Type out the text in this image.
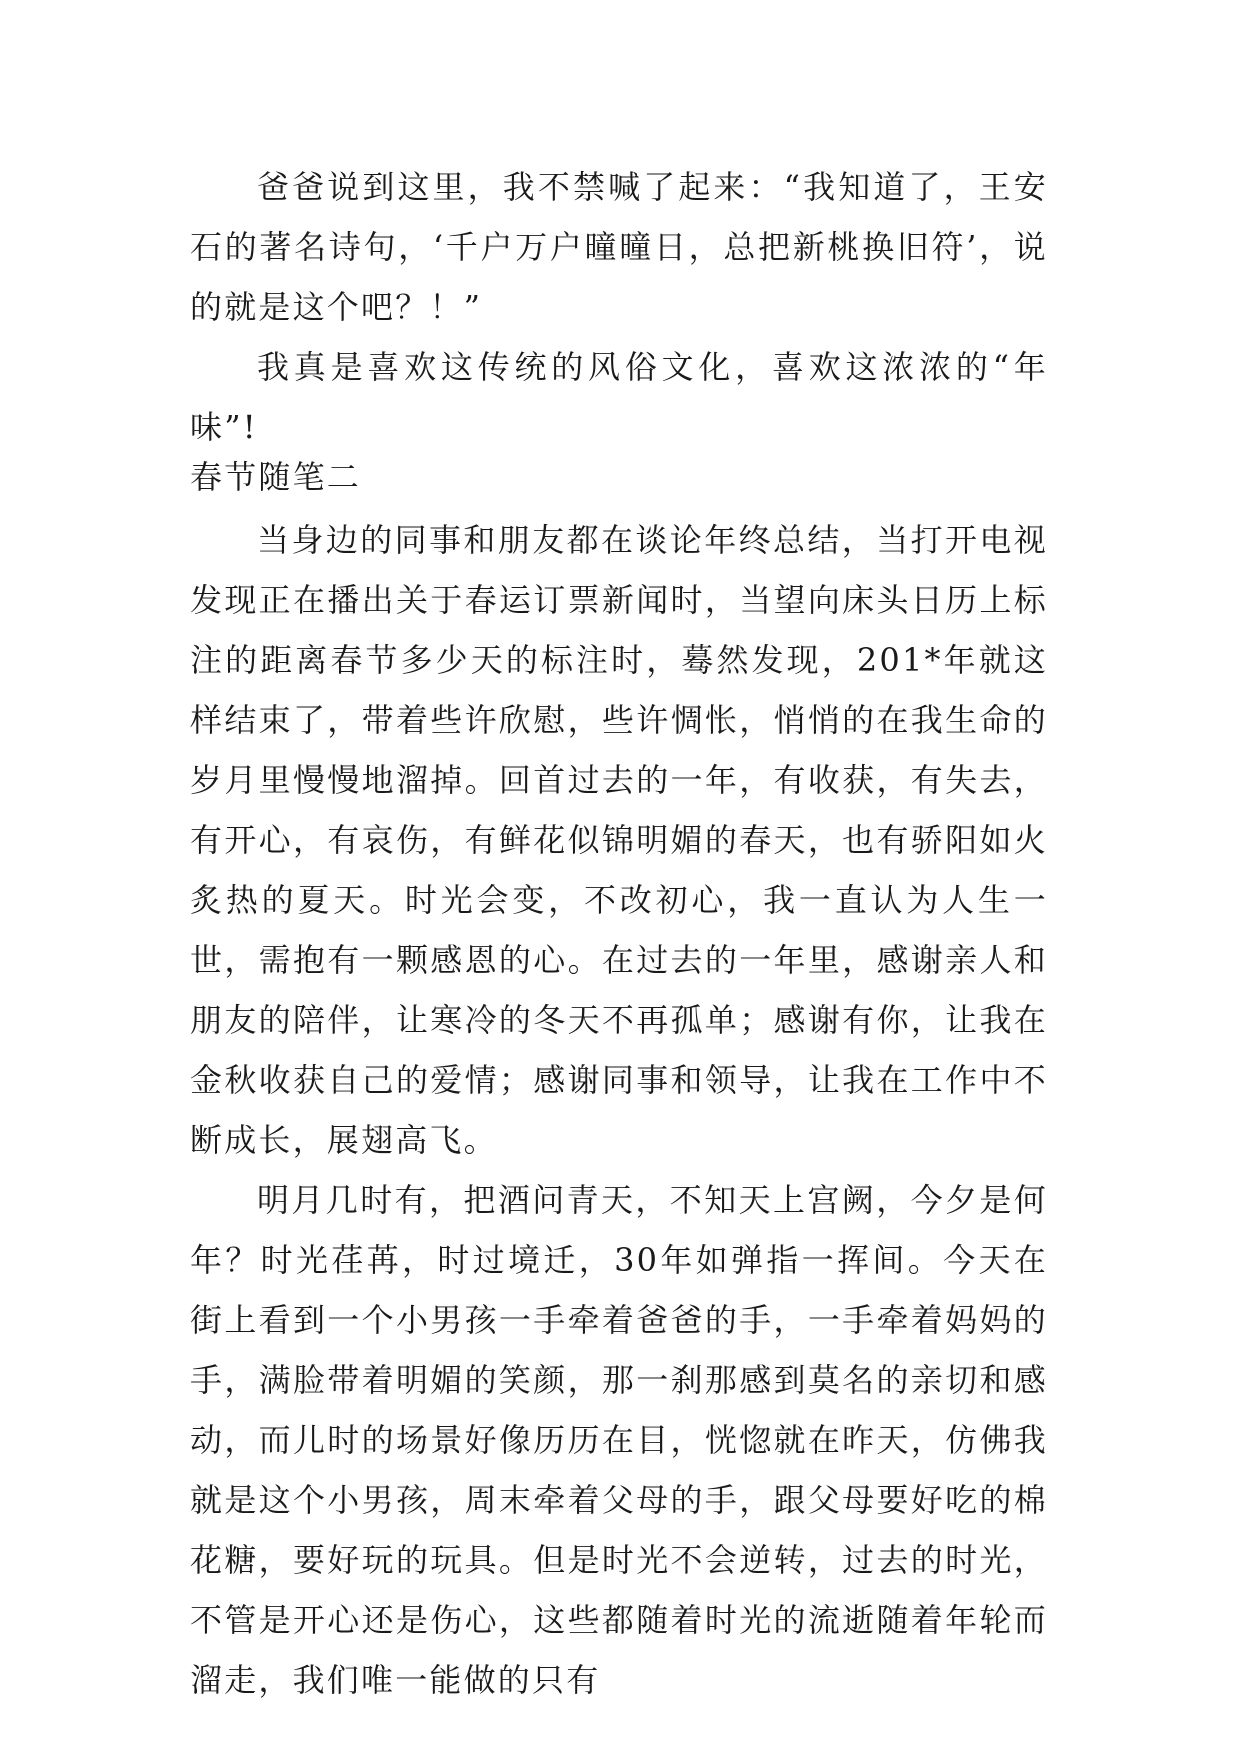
爸爸说到这里，我不禁喊了起来：“我知道了，王安石的著名诗句，‘千户万户曈曈日，总把新桃换旧符’，说的就是这个吧？！”

我真是喜欢这传统的风俗文化，喜欢这浓浓的“年味”!

春节随笔二

当身边的同事和朋友都在谈论年终总结，当打开电视发现正在播出关于春运订票新闻时，当望向床头日历上标注的距离春节多少天的标注时，蓦然发现，201*年就这样结束了，带着些许欣慰，些许惆怅，悄悄的在我生命的岁月里慢慢地溜掉。回首过去的一年，有收获，有失去，有开心，有哀伤，有鲜花似锦明媚的春天，也有骄阳如火炙热的夏天。时光会变，不改初心，我一直认为人生一世，需抱有一颗感恩的心。在过去的一年里，感谢亲人和朋友的陪伴，让寒冷的冬天不再孤单；感谢有你，让我在金秋收获自己的爱情；感谢同事和领导，让我在工作中不断成长，展翅高飞。

明月几时有，把酒问青天，不知天上宫阙，今夕是何年？时光荏苒，时过境迁，30年如弹指一挥间。今天在街上看到一个小男孩一手牵着爸爸的手，一手牵着妈妈的手，满脸带着明媚的笑颜，那一刹那感到莫名的亲切和感动，而儿时的场景好像历历在目，恍惚就在昨天，仿佛我就是这个小男孩，周末牵着父母的手，跟父母要好吃的棉花糖，要好玩的玩具。但是时光不会逆转，过去的时光，不管是开心还是伤心，这些都随着时光的流逝随着年轮而溜走，我们唯一能做的只有
